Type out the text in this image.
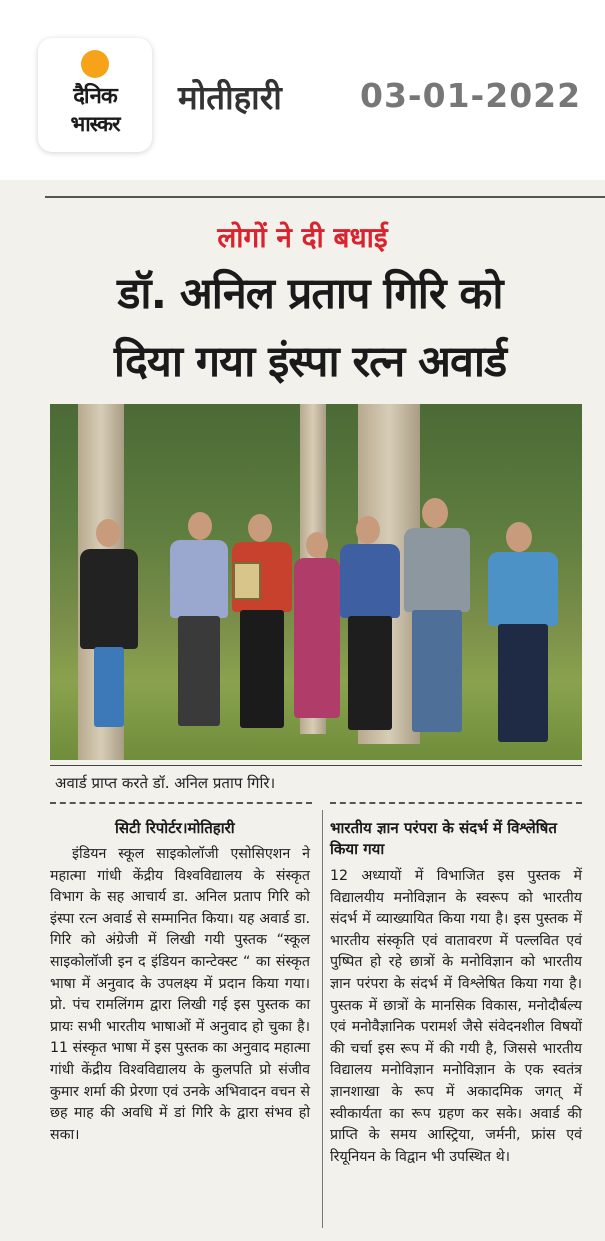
दैनिक
भास्कर
मोतीहारी 03-01-2022
लोगों ने दी बधाई
डॉ. अनिल प्रताप गिरि को
दिया गया इंस्पा रत्न अवार्ड
अवार्ड प्राप्त करते डॉ. अनिल प्रताप गिरि।
सिटी रिपोर्टर।मोतिहारी
इंडियन स्कूल साइकोलॉजी एसोसिएशन ने महात्मा गांधी केंद्रीय विश्वविद्यालय के संस्कृत विभाग के सह आचार्य डा. अनिल प्रताप गिरि को इंस्पा रत्न अवार्ड से सम्मानित किया। यह अवार्ड डा. गिरि को अंग्रेजी में लिखी गयी पुस्तक “स्कूल साइकोलॉजी इन द इंडियन कान्टेक्स्ट “ का संस्कृत भाषा में अनुवाद के उपलक्ष्य में प्रदान किया गया। प्रो. पंच रामलिंगम द्वारा लिखी गई इस पुस्तक का प्रायः सभी भारतीय भाषाओं में अनुवाद हो चुका है। 11 संस्कृत भाषा में इस पुस्तक का अनुवाद महात्मा गांधी केंद्रीय विश्वविद्यालय के कुलपति प्रो संजीव कुमार शर्मा की प्रेरणा एवं उनके अभिवादन वचन से छह माह की अवधि में डां गिरि के द्वारा संभव हो सका।
भारतीय ज्ञान परंपरा के संदर्भ में विश्लेषित किया गया
12 अध्यायों में विभाजित इस पुस्तक में विद्यालयीय मनोविज्ञान के स्वरूप को भारतीय संदर्भ में व्याख्यायित किया गया है। इस पुस्तक में भारतीय संस्कृति एवं वातावरण में पल्लवित एवं पुष्पित हो रहे छात्रों के मनोविज्ञान को भारतीय ज्ञान परंपरा के संदर्भ में विश्लेषित किया गया है। पुस्तक में छात्रों के मानसिक विकास, मनोदौर्बल्य एवं मनोवैज्ञानिक परामर्श जैसे संवेदनशील विषयों की चर्चा इस रूप में की गयी है, जिससे भारतीय विद्यालय मनोविज्ञान मनोविज्ञान के एक स्वतंत्र ज्ञानशाखा के रूप में अकादमिक जगत् में स्वीकार्यता का रूप ग्रहण कर सके। अवार्ड की प्राप्ति के समय आस्ट्रिया, जर्मनी, फ्रांस एवं रियूनियन के विद्वान भी उपस्थित थे।
